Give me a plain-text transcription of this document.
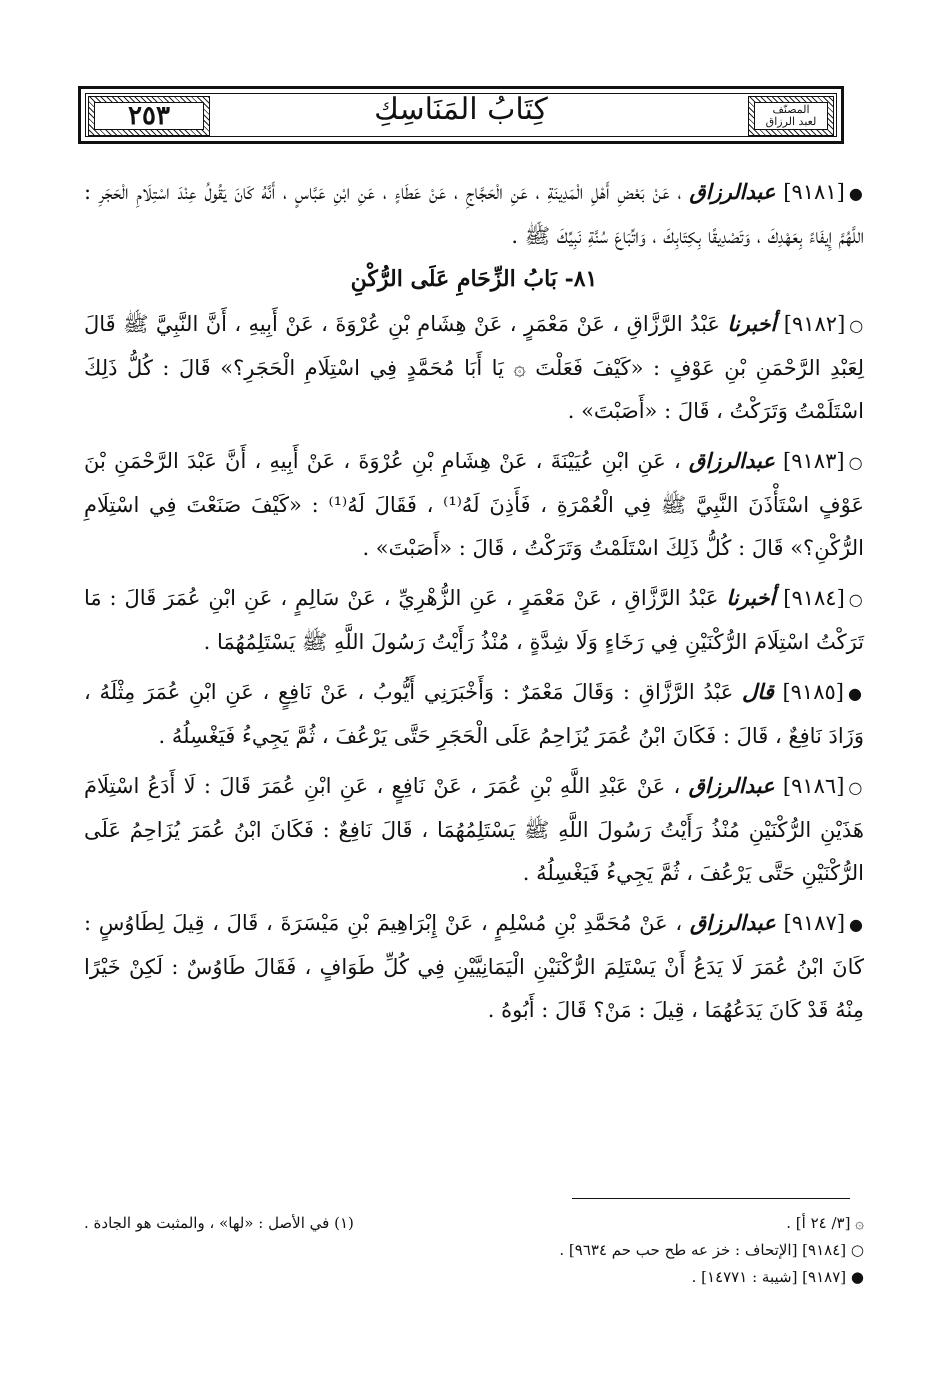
المصنّف
لعبد الرزاق
٢٥٣	كِتَابُ المَنَاسِكِ

●[٩١٨١] عبدالرزاق ، عَنْ بَعْضِ أَهْلِ الْمَدِينَةِ ، عَنِ الْحَجَّاجِ ، عَنْ عَطَاءٍ ، عَنِ ابْنِ عَبَّاسٍ ، أَنَّهُ كَانَ يَقُولُ عِنْدَ اسْتِلَامِ الْحَجَرِ : اللَّهُمَّ إِيفَاءً بِعَهْدِكَ ، وَتَصْدِيقًا بِكِتَابِكَ ، وَاتِّبَاعَ سُنَّةِ نَبِيِّكَ ﷺ .

٨١- بَابُ الزِّحَامِ عَلَى الرُّكْنِ

○[٩١٨٢] أخبرنا عَبْدُ الرَّزَّاقِ ، عَنْ مَعْمَرٍ ، عَنْ هِشَامِ بْنِ عُرْوَةَ ، عَنْ أَبِيهِ ، أَنَّ النَّبِيَّ ﷺ قَالَ لِعَبْدِ الرَّحْمَنِ بْنِ عَوْفٍ : «كَيْفَ فَعَلْتَ ۞ يَا أَبَا مُحَمَّدٍ فِي اسْتِلَامِ الْحَجَرِ؟» قَالَ : كُلُّ ذَلِكَ اسْتَلَمْتُ وَتَرَكْتُ ، قَالَ : «أَصَبْتَ» .

○[٩١٨٣] عبدالرزاق ، عَنِ ابْنِ عُيَيْنَةَ ، عَنْ هِشَامِ بْنِ عُرْوَةَ ، عَنْ أَبِيهِ ، أَنَّ عَبْدَ الرَّحْمَنِ بْنَ عَوْفٍ اسْتَأْذَنَ النَّبِيَّ ﷺ فِي الْعُمْرَةِ ، فَأَذِنَ لَهُ⁽¹⁾ ، فَقَالَ لَهُ⁽¹⁾ : «كَيْفَ صَنَعْتَ فِي اسْتِلَامِ الرُّكْنِ؟» قَالَ : كُلُّ ذَلِكَ اسْتَلَمْتُ وَتَرَكْتُ ، قَالَ : «أَصَبْتَ» .

○[٩١٨٤] أخبرنا عَبْدُ الرَّزَّاقِ ، عَنْ مَعْمَرٍ ، عَنِ الزُّهْرِيِّ ، عَنْ سَالِمٍ ، عَنِ ابْنِ عُمَرَ قَالَ : مَا تَرَكْتُ اسْتِلَامَ الرُّكْنَيْنِ فِي رَخَاءٍ وَلَا شِدَّةٍ ، مُنْذُ رَأَيْتُ رَسُولَ اللَّهِ ﷺ يَسْتَلِمُهُمَا .

●[٩١٨٥] قال عَبْدُ الرَّزَّاقِ : وَقَالَ مَعْمَرٌ : وَأَخْبَرَنِي أَيُّوبُ ، عَنْ نَافِعٍ ، عَنِ ابْنِ عُمَرَ مِثْلَهُ ، وَزَادَ نَافِعٌ ، قَالَ : فَكَانَ ابْنُ عُمَرَ يُزَاحِمُ عَلَى الْحَجَرِ حَتَّى يَرْعُفَ ، ثُمَّ يَجِيءُ فَيَغْسِلُهُ .

○[٩١٨٦] عبدالرزاق ، عَنْ عَبْدِ اللَّهِ بْنِ عُمَرَ ، عَنْ نَافِعٍ ، عَنِ ابْنِ عُمَرَ قَالَ : لَا أَدَعُ اسْتِلَامَ هَذَيْنِ الرُّكْنَيْنِ مُنْذُ رَأَيْتُ رَسُولَ اللَّهِ ﷺ يَسْتَلِمُهُمَا ، قَالَ نَافِعٌ : فَكَانَ ابْنُ عُمَرَ يُزَاحِمُ عَلَى الرُّكْنَيْنِ حَتَّى يَرْعُفَ ، ثُمَّ يَجِيءُ فَيَغْسِلُهُ .

●[٩١٨٧] عبدالرزاق ، عَنْ مُحَمَّدِ بْنِ مُسْلِمٍ ، عَنْ إِبْرَاهِيمَ بْنِ مَيْسَرَةَ ، قَالَ ، قِيلَ لِطَاوُسٍ : كَانَ ابْنُ عُمَرَ لَا يَدَعُ أَنْ يَسْتَلِمَ الرُّكْنَيْنِ الْيَمَانِيَّيْنِ فِي كُلِّ طَوَافٍ ، فَقَالَ طَاوُسٌ : لَكِنْ خَيْرًا مِنْهُ قَدْ كَانَ يَدَعُهُمَا ، قِيلَ : مَنْ؟ قَالَ : أَبُوهُ .

۞ [٣/ ٢٤ أ] .
(١) في الأصل : «لها» ، والمثبت هو الجادة .
○ [٩١٨٤] [الإتحاف : خز عه طح حب حم ٩٦٣٤] .
● [٩١٨٧] [شيبة : ١٤٧٧١] .
